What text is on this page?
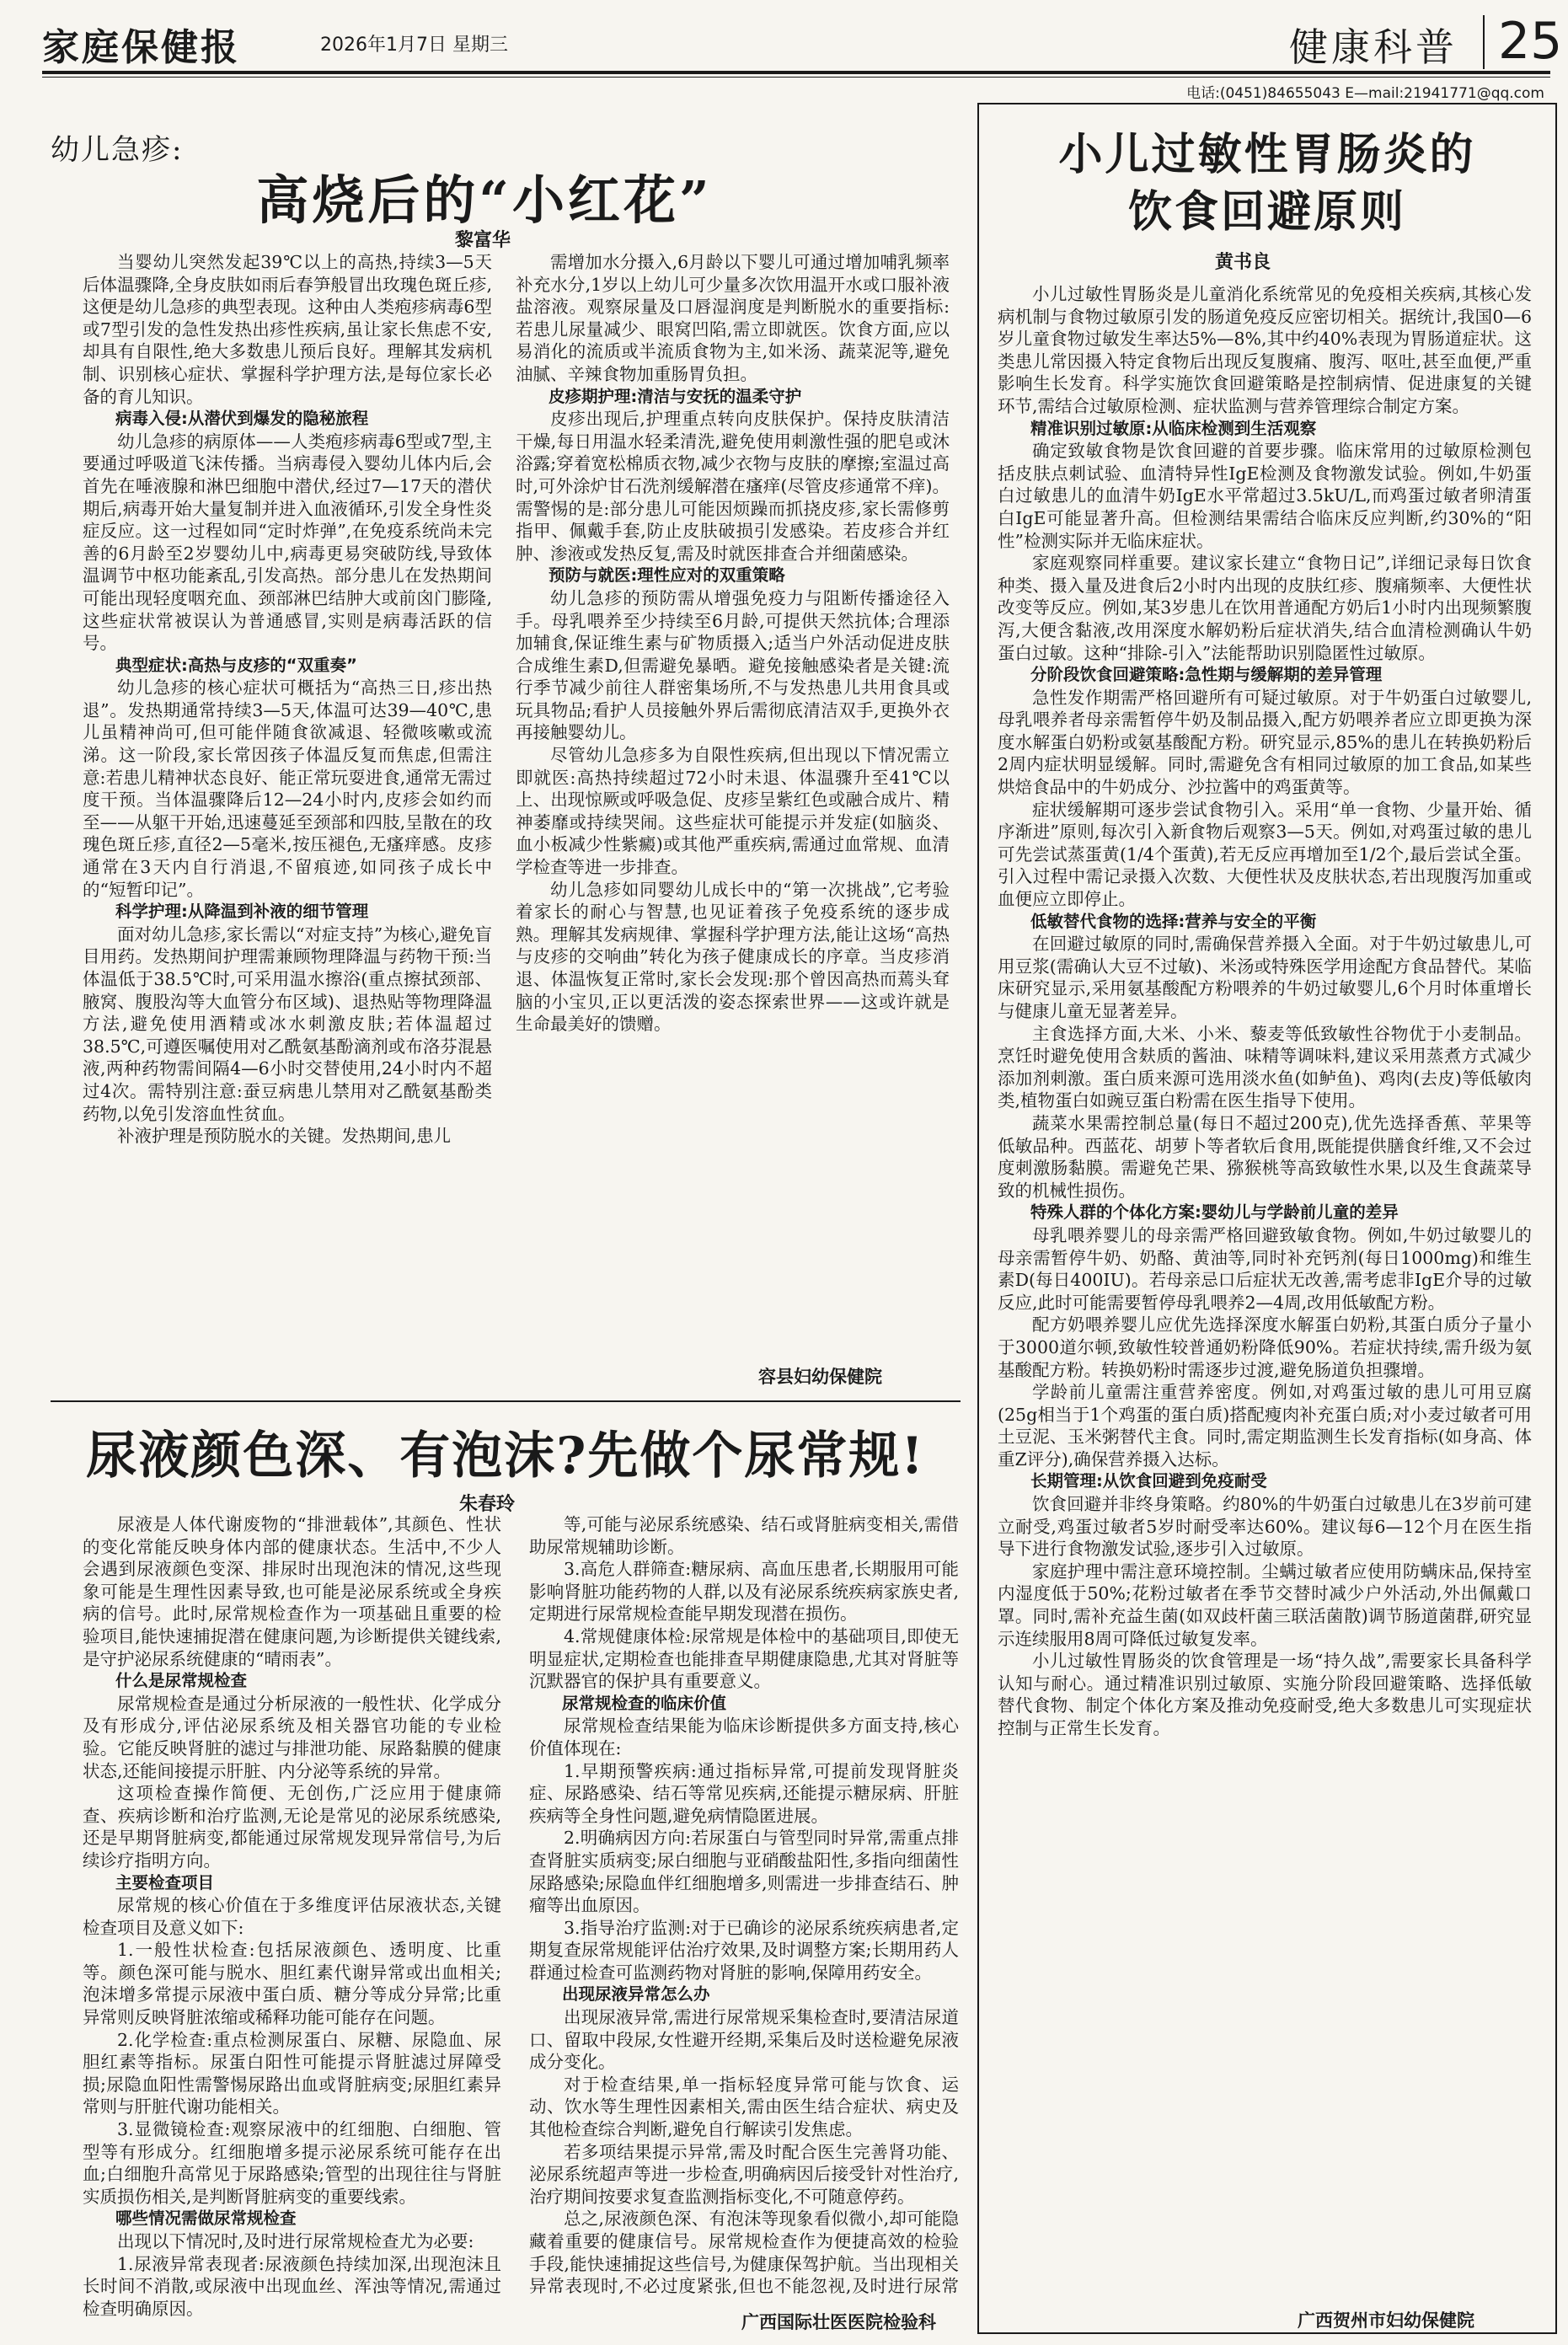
家庭保健报	2026年1月7日 星期三	健康科普 25
电话:(0451)84655043 E—mail:21941771@qq.com
幼儿急疹:
高烧后的“小红花”
黎富华

当婴幼儿突然发起39℃以上的高热,持续3—5天后体温骤降,全身皮肤如雨后春笋般冒出玫瑰色斑丘疹,这便是幼儿急疹的典型表现。这种由人类疱疹病毒6型或7型引发的急性发热出疹性疾病,虽让家长焦虑不安,却具有自限性,绝大多数患儿预后良好。理解其发病机制、识别核心症状、掌握科学护理方法,是每位家长必备的育儿知识。

病毒入侵:从潜伏到爆发的隐秘旅程

幼儿急疹的病原体——人类疱疹病毒6型或7型,主要通过呼吸道飞沫传播。当病毒侵入婴幼儿体内后,会首先在唾液腺和淋巴细胞中潜伏,经过7—17天的潜伏期后,病毒开始大量复制并进入血液循环,引发全身性炎症反应。这一过程如同“定时炸弹”,在免疫系统尚未完善的6月龄至2岁婴幼儿中,病毒更易突破防线,导致体温调节中枢功能紊乱,引发高热。部分患儿在发热期间可能出现轻度咽充血、颈部淋巴结肿大或前囟门膨隆,这些症状常被误认为普通感冒,实则是病毒活跃的信号。

典型症状:高热与皮疹的“双重奏”

幼儿急疹的核心症状可概括为“高热三日,疹出热退”。发热期通常持续3—5天,体温可达39—40℃,患儿虽精神尚可,但可能伴随食欲减退、轻微咳嗽或流涕。这一阶段,家长常因孩子体温反复而焦虑,但需注意:若患儿精神状态良好、能正常玩耍进食,通常无需过度干预。当体温骤降后12—24小时内,皮疹会如约而至——从躯干开始,迅速蔓延至颈部和四肢,呈散在的玫瑰色斑丘疹,直径2—5毫米,按压褪色,无瘙痒感。皮疹通常在3天内自行消退,不留痕迹,如同孩子成长中的“短暂印记”。

科学护理:从降温到补液的细节管理

面对幼儿急疹,家长需以“对症支持”为核心,避免盲目用药。发热期间护理需兼顾物理降温与药物干预:当体温低于38.5℃时,可采用温水擦浴(重点擦拭颈部、腋窝、腹股沟等大血管分布区域)、退热贴等物理降温方法,避免使用酒精或冰水刺激皮肤;若体温超过38.5℃,可遵医嘱使用对乙酰氨基酚滴剂或布洛芬混悬液,两种药物需间隔4—6小时交替使用,24小时内不超过4次。需特别注意:蚕豆病患儿禁用对乙酰氨基酚类药物,以免引发溶血性贫血。

补液护理是预防脱水的关键。发热期间,患儿

需增加水分摄入,6月龄以下婴儿可通过增加哺乳频率补充水分,1岁以上幼儿可少量多次饮用温开水或口服补液盐溶液。观察尿量及口唇湿润度是判断脱水的重要指标:若患儿尿量减少、眼窝凹陷,需立即就医。饮食方面,应以易消化的流质或半流质食物为主,如米汤、蔬菜泥等,避免油腻、辛辣食物加重肠胃负担。

皮疹期护理:清洁与安抚的温柔守护

皮疹出现后,护理重点转向皮肤保护。保持皮肤清洁干燥,每日用温水轻柔清洗,避免使用刺激性强的肥皂或沐浴露;穿着宽松棉质衣物,减少衣物与皮肤的摩擦;室温过高时,可外涂炉甘石洗剂缓解潜在瘙痒(尽管皮疹通常不痒)。需警惕的是:部分患儿可能因烦躁而抓挠皮疹,家长需修剪指甲、佩戴手套,防止皮肤破损引发感染。若皮疹合并红肿、渗液或发热反复,需及时就医排查合并细菌感染。

预防与就医:理性应对的双重策略

幼儿急疹的预防需从增强免疫力与阻断传播途径入手。母乳喂养至少持续至6月龄,可提供天然抗体;合理添加辅食,保证维生素与矿物质摄入;适当户外活动促进皮肤合成维生素D,但需避免暴晒。避免接触感染者是关键:流行季节减少前往人群密集场所,不与发热患儿共用食具或玩具物品;看护人员接触外界后需彻底清洁双手,更换外衣再接触婴幼儿。

尽管幼儿急疹多为自限性疾病,但出现以下情况需立即就医:高热持续超过72小时未退、体温骤升至41℃以上、出现惊厥或呼吸急促、皮疹呈紫红色或融合成片、精神萎靡或持续哭闹。这些症状可能提示并发症(如脑炎、血小板减少性紫癜)或其他严重疾病,需通过血常规、血清学检查等进一步排查。

幼儿急疹如同婴幼儿成长中的“第一次挑战”,它考验着家长的耐心与智慧,也见证着孩子免疫系统的逐步成熟。理解其发病规律、掌握科学护理方法,能让这场“高热与皮疹的交响曲”转化为孩子健康成长的序章。当皮疹消退、体温恢复正常时,家长会发现:那个曾因高热而蔫头耷脑的小宝贝,正以更活泼的姿态探索世界——这或许就是生命最美好的馈赠。

容县妇幼保健院
尿液颜色深、有泡沫?先做个尿常规!
朱春玲

尿液是人体代谢废物的“排泄载体”,其颜色、性状的变化常能反映身体内部的健康状态。生活中,不少人会遇到尿液颜色变深、排尿时出现泡沫的情况,这些现象可能是生理性因素导致,也可能是泌尿系统或全身疾病的信号。此时,尿常规检查作为一项基础且重要的检验项目,能快速捕捉潜在健康问题,为诊断提供关键线索,是守护泌尿系统健康的“晴雨表”。

什么是尿常规检查

尿常规检查是通过分析尿液的一般性状、化学成分及有形成分,评估泌尿系统及相关器官功能的专业检验。它能反映肾脏的滤过与排泄功能、尿路黏膜的健康状态,还能间接提示肝脏、内分泌等系统的异常。

这项检查操作简便、无创伤,广泛应用于健康筛查、疾病诊断和治疗监测,无论是常见的泌尿系统感染,还是早期肾脏病变,都能通过尿常规发现异常信号,为后续诊疗指明方向。

主要检查项目

尿常规的核心价值在于多维度评估尿液状态,关键检查项目及意义如下:

1.一般性状检查:包括尿液颜色、透明度、比重等。颜色深可能与脱水、胆红素代谢异常或出血相关;泡沫增多常提示尿液中蛋白质、糖分等成分异常;比重异常则反映肾脏浓缩或稀释功能可能存在问题。

2.化学检查:重点检测尿蛋白、尿糖、尿隐血、尿胆红素等指标。尿蛋白阳性可能提示肾脏滤过屏障受损;尿隐血阳性需警惕尿路出血或肾脏病变;尿胆红素异常则与肝脏代谢功能相关。

3.显微镜检查:观察尿液中的红细胞、白细胞、管型等有形成分。红细胞增多提示泌尿系统可能存在出血;白细胞升高常见于尿路感染;管型的出现往往与肾脏实质损伤相关,是判断肾脏病变的重要线索。

哪些情况需做尿常规检查

出现以下情况时,及时进行尿常规检查尤为必要:

1.尿液异常表现者:尿液颜色持续加深,出现泡沫且长时间不消散,或尿液中出现血丝、浑浊等情况,需通过检查明确原因。

等,可能与泌尿系统感染、结石或肾脏病变相关,需借助尿常规辅助诊断。

3.高危人群筛查:糖尿病、高血压患者,长期服用可能影响肾脏功能药物的人群,以及有泌尿系统疾病家族史者,定期进行尿常规检查能早期发现潜在损伤。

4.常规健康体检:尿常规是体检中的基础项目,即使无明显症状,定期检查也能排查早期健康隐患,尤其对肾脏等沉默器官的保护具有重要意义。

尿常规检查的临床价值

尿常规检查结果能为临床诊断提供多方面支持,核心价值体现在:

1.早期预警疾病:通过指标异常,可提前发现肾脏炎症、尿路感染、结石等常见疾病,还能提示糖尿病、肝脏疾病等全身性问题,避免病情隐匿进展。

2.明确病因方向:若尿蛋白与管型同时异常,需重点排查肾脏实质病变;尿白细胞与亚硝酸盐阳性,多指向细菌性尿路感染;尿隐血伴红细胞增多,则需进一步排查结石、肿瘤等出血原因。

3.指导治疗监测:对于已确诊的泌尿系统疾病患者,定期复查尿常规能评估治疗效果,及时调整方案;长期用药人群通过检查可监测药物对肾脏的影响,保障用药安全。

出现尿液异常怎么办

出现尿液异常,需进行尿常规采集检查时,要清洁尿道口、留取中段尿,女性避开经期,采集后及时送检避免尿液成分变化。

对于检查结果,单一指标轻度异常可能与饮食、运动、饮水等生理性因素相关,需由医生结合症状、病史及其他检查综合判断,避免自行解读引发焦虑。

若多项结果提示异常,需及时配合医生完善肾功能、泌尿系统超声等进一步检查,明确病因后接受针对性治疗,治疗期间按要求复查监测指标变化,不可随意停药。

总之,尿液颜色深、有泡沫等现象看似微小,却可能隐藏着重要的健康信号。尿常规检查作为便捷高效的检验手段,能快速捕捉这些信号,为健康保驾护航。当出现相关异常表现时,不必过度紧张,但也不能忽视,及时进行尿常

广西国际壮医医院检验科
小儿过敏性胃肠炎的
饮食回避原则
黄书良

小儿过敏性胃肠炎是儿童消化系统常见的免疫相关疾病,其核心发病机制与食物过敏原引发的肠道免疫反应密切相关。据统计,我国0—6岁儿童食物过敏发生率达5%—8%,其中约40%表现为胃肠道症状。这类患儿常因摄入特定食物后出现反复腹痛、腹泻、呕吐,甚至血便,严重影响生长发育。科学实施饮食回避策略是控制病情、促进康复的关键环节,需结合过敏原检测、症状监测与营养管理综合制定方案。

精准识别过敏原:从临床检测到生活观察

确定致敏食物是饮食回避的首要步骤。临床常用的过敏原检测包括皮肤点刺试验、血清特异性IgE检测及食物激发试验。例如,牛奶蛋白过敏患儿的血清牛奶IgE水平常超过3.5kU/L,而鸡蛋过敏者卵清蛋白IgE可能显著升高。但检测结果需结合临床反应判断,约30%的“阳性”检测实际并无临床症状。

家庭观察同样重要。建议家长建立“食物日记”,详细记录每日饮食种类、摄入量及进食后2小时内出现的皮肤红疹、腹痛频率、大便性状改变等反应。例如,某3岁患儿在饮用普通配方奶后1小时内出现频繁腹泻,大便含黏液,改用深度水解奶粉后症状消失,结合血清检测确认牛奶蛋白过敏。这种“排除-引入”法能帮助识别隐匿性过敏原。

分阶段饮食回避策略:急性期与缓解期的差异管理

急性发作期需严格回避所有可疑过敏原。对于牛奶蛋白过敏婴儿,母乳喂养者母亲需暂停牛奶及制品摄入,配方奶喂养者应立即更换为深度水解蛋白奶粉或氨基酸配方粉。研究显示,85%的患儿在转换奶粉后2周内症状明显缓解。同时,需避免含有相同过敏原的加工食品,如某些烘焙食品中的牛奶成分、沙拉酱中的鸡蛋黄等。

症状缓解期可逐步尝试食物引入。采用“单一食物、少量开始、循序渐进”原则,每次引入新食物后观察3—5天。例如,对鸡蛋过敏的患儿可先尝试蒸蛋黄(1/4个蛋黄),若无反应再增加至1/2个,最后尝试全蛋。引入过程中需记录摄入次数、大便性状及皮肤状态,若出现腹泻加重或血便应立即停止。

低敏替代食物的选择:营养与安全的平衡

在回避过敏原的同时,需确保营养摄入全面。对于牛奶过敏患儿,可用豆浆(需确认大豆不过敏)、米汤或特殊医学用途配方食品替代。某临床研究显示,采用氨基酸配方粉喂养的牛奶过敏婴儿,6个月时体重增长与健康儿童无显著差异。

主食选择方面,大米、小米、藜麦等低致敏性谷物优于小麦制品。烹饪时避免使用含麸质的酱油、味精等调味料,建议采用蒸煮方式减少添加剂刺激。蛋白质来源可选用淡水鱼(如鲈鱼)、鸡肉(去皮)等低敏肉类,植物蛋白如豌豆蛋白粉需在医生指导下使用。

蔬菜水果需控制总量(每日不超过200克),优先选择香蕉、苹果等低敏品种。西蓝花、胡萝卜等者软后食用,既能提供膳食纤维,又不会过度刺激肠黏膜。需避免芒果、猕猴桃等高致敏性水果,以及生食蔬菜导致的机械性损伤。

特殊人群的个体化方案:婴幼儿与学龄前儿童的差异

母乳喂养婴儿的母亲需严格回避致敏食物。例如,牛奶过敏婴儿的母亲需暂停牛奶、奶酪、黄油等,同时补充钙剂(每日1000mg)和维生素D(每日400IU)。若母亲忌口后症状无改善,需考虑非IgE介导的过敏反应,此时可能需要暂停母乳喂养2—4周,改用低敏配方粉。

配方奶喂养婴儿应优先选择深度水解蛋白奶粉,其蛋白质分子量小于3000道尔顿,致敏性较普通奶粉降低90%。若症状持续,需升级为氨基酸配方粉。转换奶粉时需逐步过渡,避免肠道负担骤增。

学龄前儿童需注重营养密度。例如,对鸡蛋过敏的患儿可用豆腐(25g相当于1个鸡蛋的蛋白质)搭配瘦肉补充蛋白质;对小麦过敏者可用土豆泥、玉米粥替代主食。同时,需定期监测生长发育指标(如身高、体重Z评分),确保营养摄入达标。

长期管理:从饮食回避到免疫耐受

饮食回避并非终身策略。约80%的牛奶蛋白过敏患儿在3岁前可建立耐受,鸡蛋过敏者5岁时耐受率达60%。建议每6—12个月在医生指导下进行食物激发试验,逐步引入过敏原。

家庭护理中需注意环境控制。尘螨过敏者应使用防螨床品,保持室内湿度低于50%;花粉过敏者在季节交替时减少户外活动,外出佩戴口罩。同时,需补充益生菌(如双歧杆菌三联活菌散)调节肠道菌群,研究显示连续服用8周可降低过敏复发率。

小儿过敏性胃肠炎的饮食管理是一场“持久战”,需要家长具备科学认知与耐心。通过精准识别过敏原、实施分阶段回避策略、选择低敏替代食物、制定个体化方案及推动免疫耐受,绝大多数患儿可实现症状控制与正常生长发育。

广西贺州市妇幼保健院
